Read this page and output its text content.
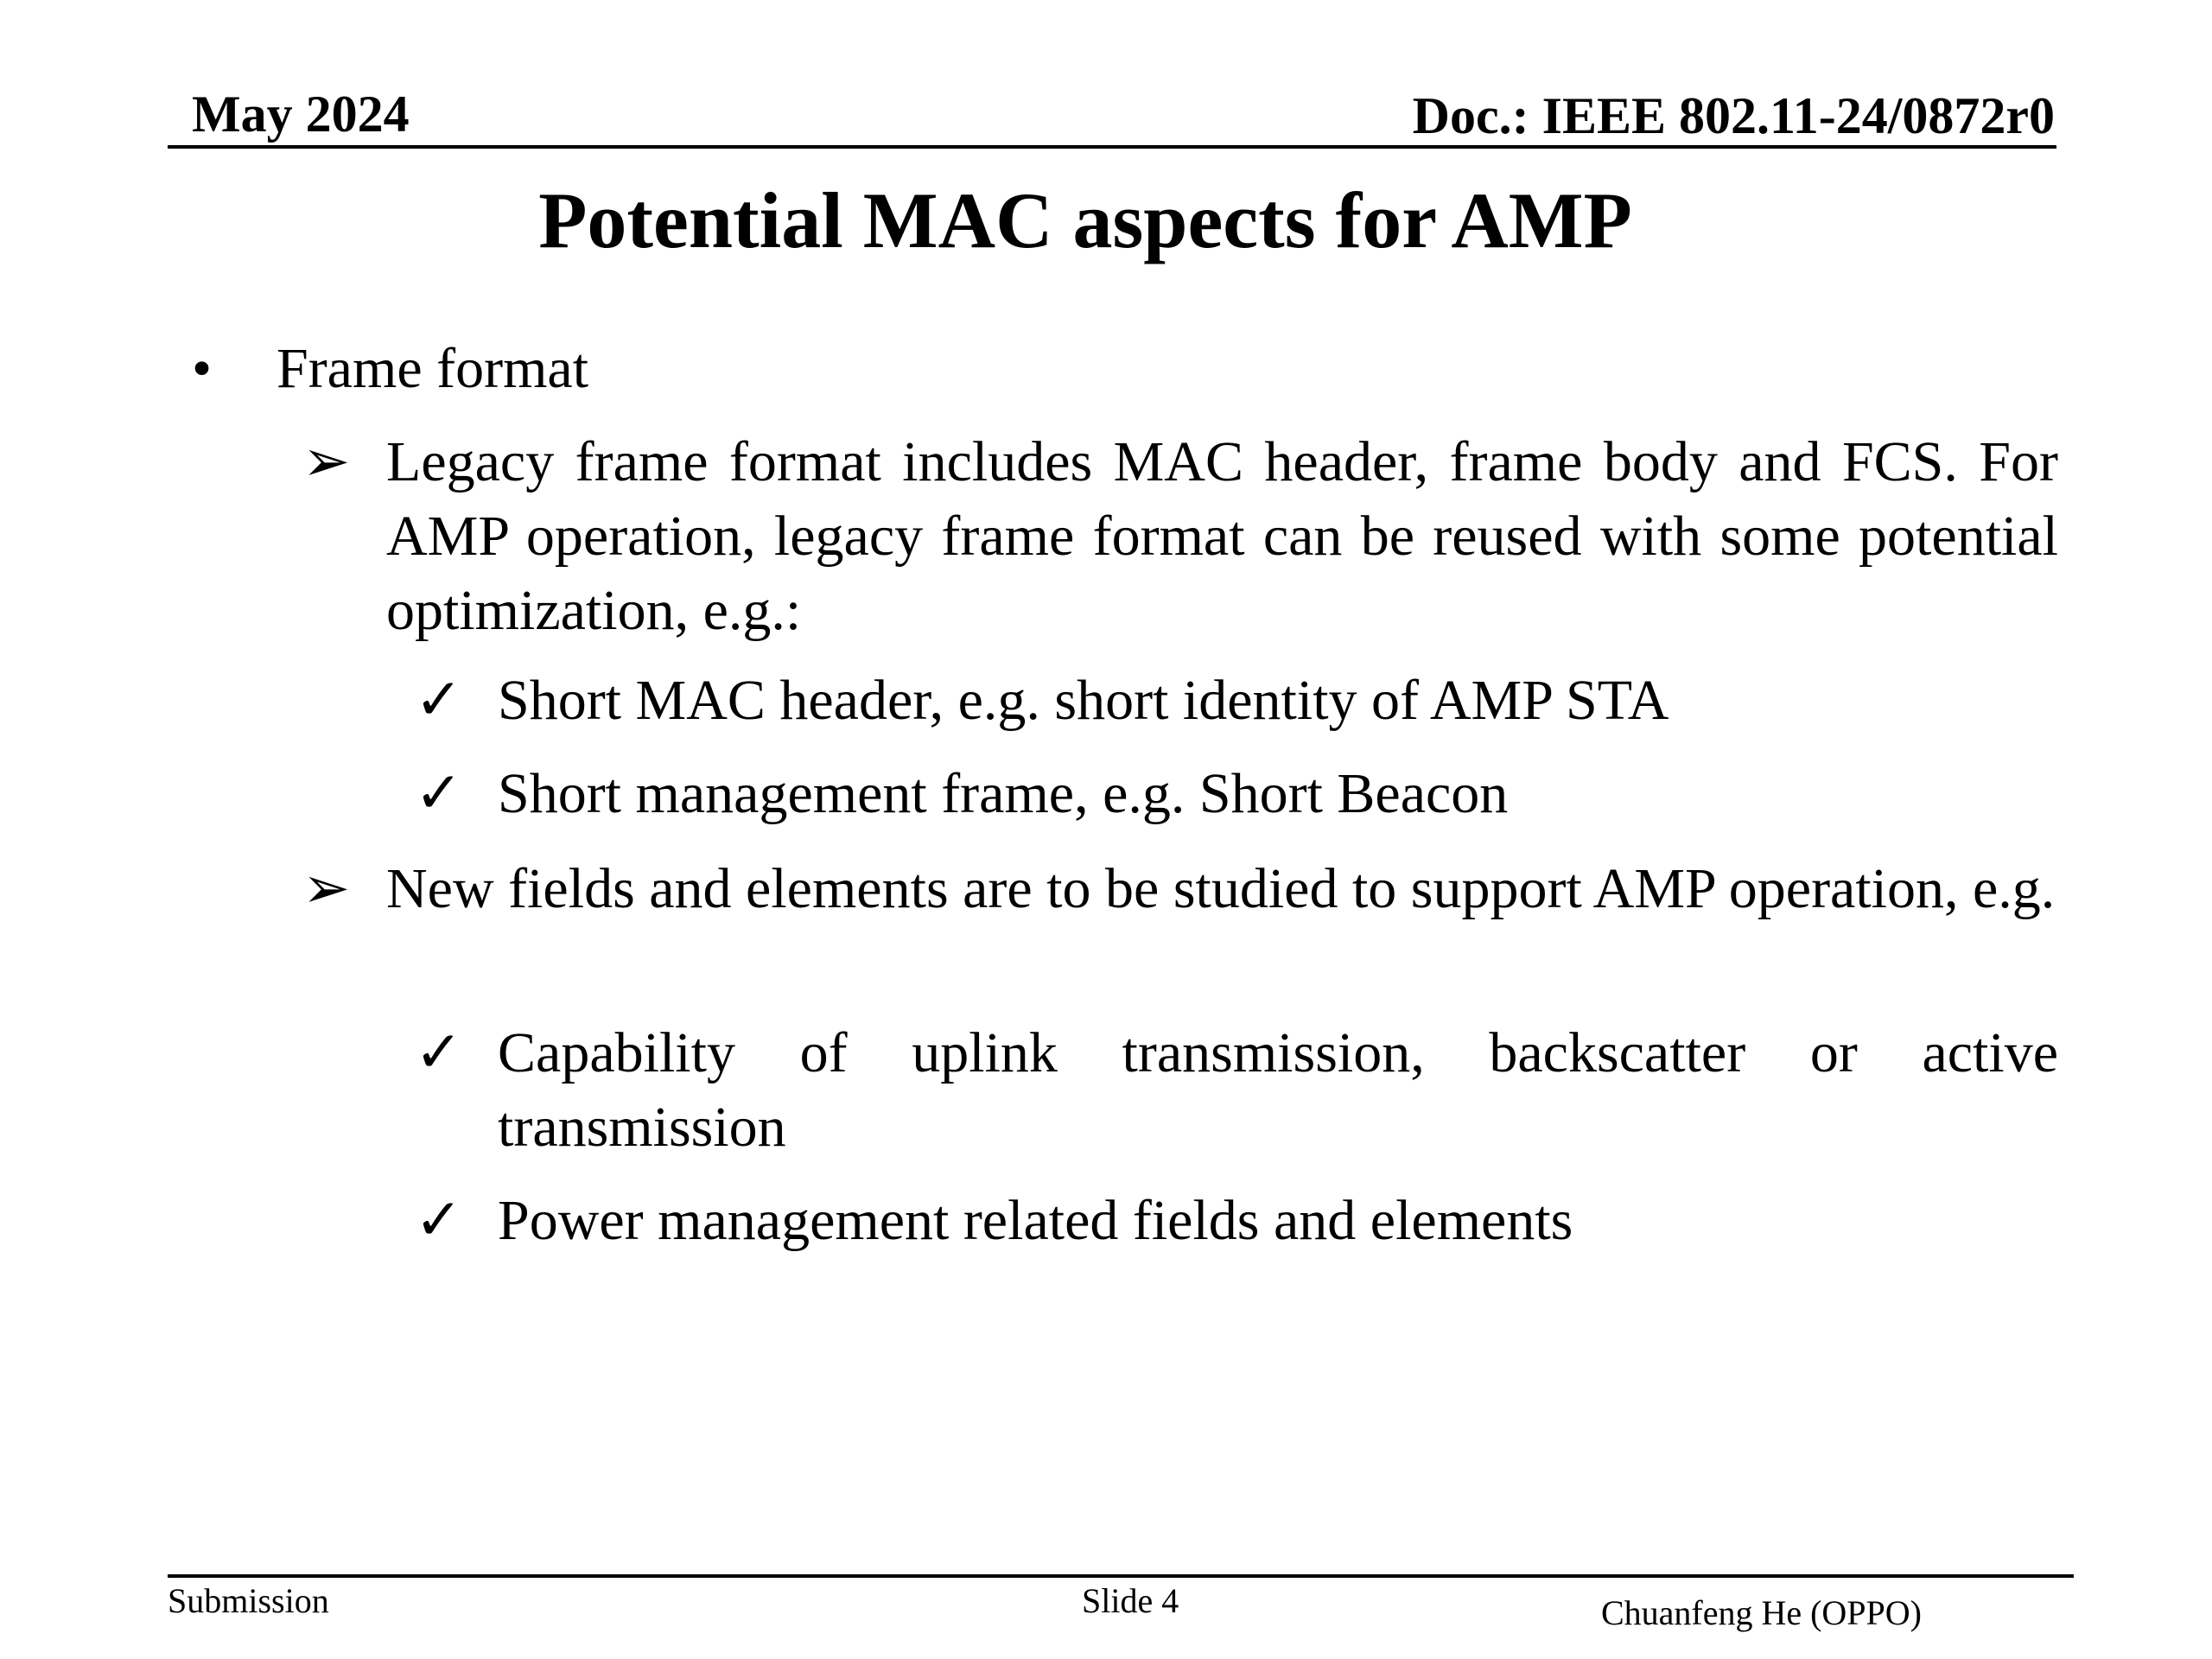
May 2024	Doc.: IEEE 802.11-24/0872r0
Potential MAC aspects for AMP
• Frame format
➢ Legacy frame format includes MAC header, frame body and FCS. For AMP operation, legacy frame format can be reused with some potential optimization, e.g.:
✓ Short MAC header, e.g. short identity of AMP STA
✓ Short management frame, e.g. Short Beacon
➢ New fields and elements are to be studied to support AMP operation, e.g.
✓ Capability of uplink transmission, backscatter or active transmission
✓ Power management related fields and elements
Submission	Slide 4	Chuanfeng He (OPPO)
